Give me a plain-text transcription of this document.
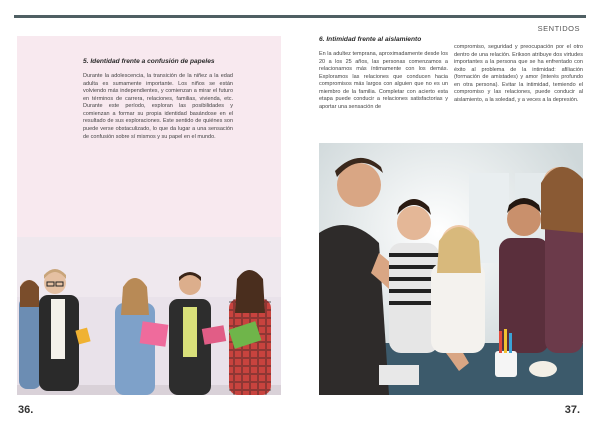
SENTIDOS
5. Identidad frente a confusión de papeles

Durante la adolescencia, la transición de la niñez a la edad adulta es sumamente importante. Los niños se están volviendo más independientes, y comienzan a mirar el futuro en términos de carrera, relaciones, familias, vivienda, etc. Durante este período, exploran las posibilidades y comienzan a formar su propia identidad basándose en el resultado de sus exploraciones. Este sentido de quiénes son puede verse obstaculizado, lo que da lugar a una sensación de confusión sobre sí mismos y su papel en el mundo.

6. Intimidad frente al aislamiento

En la adultez temprana, aproximadamente desde los 20 a los 25 años, las personas comenzamos a relacionarnos más íntimamente con los demás. Exploramos las relaciones que conducen hacia compromisos más largos con alguien que no es un miembro de la familia. Completar con acierto esta etapa puede conducir a relaciones satisfactorias y aportar una sensación de

compromiso, seguridad y preocupación por el otro dentro de una relación. Erikson atribuye dos virtudes importantes a la persona que se ha enfrentado con éxito al problema de la intimidad: afiliación (formación de amistades) y amor (interés profundo en otra persona). Evitar la intimidad, temiendo el compromiso y las relaciones, puede conducir al aislamiento, a la soledad, y a veces a la depresión.

36.	37.
